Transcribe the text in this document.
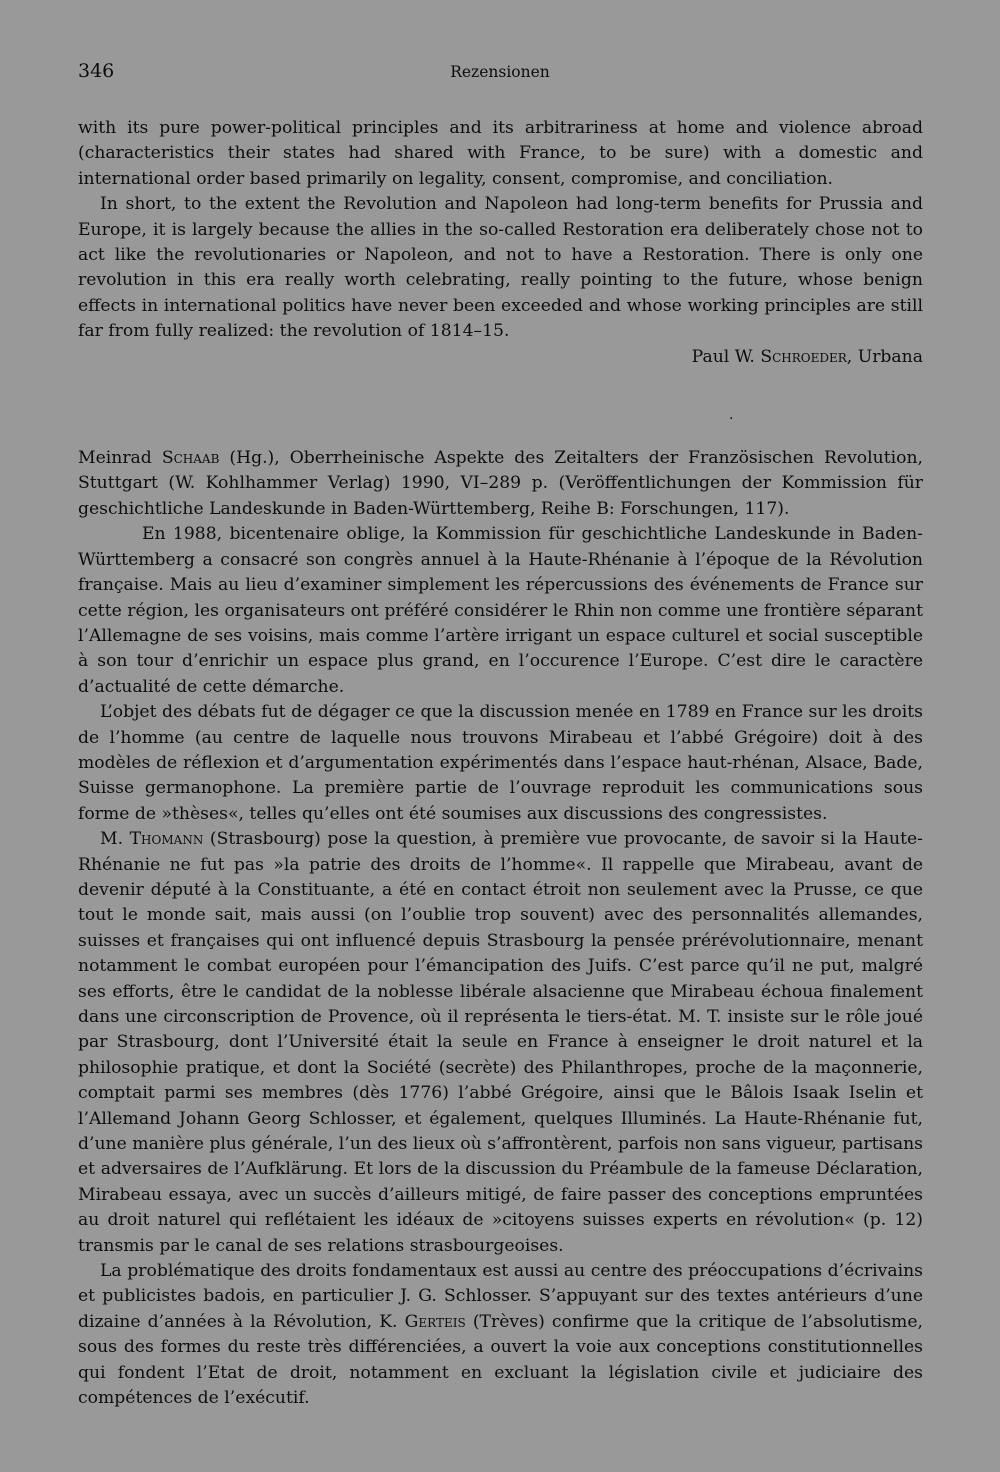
346	Rezensionen

with its pure power-political principles and its arbitrariness at home and violence abroad (characteristics their states had shared with France, to be sure) with a domestic and international order based primarily on legality, consent, compromise, and conciliation.

In short, to the extent the Revolution and Napoleon had long-term benefits for Prussia and Europe, it is largely because the allies in the so-called Restoration era deliberately chose not to act like the revolutionaries or Napoleon, and not to have a Restoration. There is only one revolution in this era really worth celebrating, really pointing to the future, whose benign effects in international politics have never been exceeded and whose working principles are still far from fully realized: the revolution of 1814–15.

Paul W. Schroeder, Urbana

.

Meinrad Schaab (Hg.), Oberrheinische Aspekte des Zeitalters der Französischen Revolution, Stuttgart (W. Kohlhammer Verlag) 1990, VI–289 p. (Veröffentlichungen der Kommission für geschichtliche Landeskunde in Baden-Württemberg, Reihe B: Forschungen, 117).

En 1988, bicentenaire oblige, la Kommission für geschichtliche Landeskunde in Baden-Württemberg a consacré son congrès annuel à la Haute-Rhénanie à l’époque de la Révolution française. Mais au lieu d’examiner simplement les répercussions des événements de France sur cette région, les organisateurs ont préféré considérer le Rhin non comme une frontière séparant l’Allemagne de ses voisins, mais comme l’artère irrigant un espace culturel et social susceptible à son tour d’enrichir un espace plus grand, en l’occurence l’Europe. C’est dire le caractère d’actualité de cette démarche.

L’objet des débats fut de dégager ce que la discussion menée en 1789 en France sur les droits de l’homme (au centre de laquelle nous trouvons Mirabeau et l’abbé Grégoire) doit à des modèles de réflexion et d’argumentation expérimentés dans l’espace haut-rhénan, Alsace, Bade, Suisse germanophone. La première partie de l’ouvrage reproduit les communications sous forme de »thèses«, telles qu’elles ont été soumises aux discussions des congressistes.

M. Thomann (Strasbourg) pose la question, à première vue provocante, de savoir si la Haute-Rhénanie ne fut pas »la patrie des droits de l’homme«. Il rappelle que Mirabeau, avant de devenir député à la Constituante, a été en contact étroit non seulement avec la Prusse, ce que tout le monde sait, mais aussi (on l’oublie trop souvent) avec des personnalités allemandes, suisses et françaises qui ont influencé depuis Strasbourg la pensée prérévolutionnaire, menant notamment le combat européen pour l’émancipation des Juifs. C’est parce qu’il ne put, malgré ses efforts, être le candidat de la noblesse libérale alsacienne que Mirabeau échoua finalement dans une circonscription de Provence, où il représenta le tiers-état. M. T. insiste sur le rôle joué par Strasbourg, dont l’Université était la seule en France à enseigner le droit naturel et la philosophie pratique, et dont la Société (secrète) des Philanthropes, proche de la maçonnerie, comptait parmi ses membres (dès 1776) l’abbé Grégoire, ainsi que le Bâlois Isaak Iselin et l’Allemand Johann Georg Schlosser, et également, quelques Illuminés. La Haute-Rhénanie fut, d’une manière plus générale, l’un des lieux où s’affrontèrent, parfois non sans vigueur, partisans et adversaires de l’Aufklärung. Et lors de la discussion du Préambule de la fameuse Déclaration, Mirabeau essaya, avec un succès d’ailleurs mitigé, de faire passer des conceptions empruntées au droit naturel qui reflétaient les idéaux de »citoyens suisses experts en révolution« (p. 12) transmis par le canal de ses relations strasbourgeoises.

La problématique des droits fondamentaux est aussi au centre des préoccupations d’écrivains et publicistes badois, en particulier J. G. Schlosser. S’appuyant sur des textes antérieurs d’une dizaine d’années à la Révolution, K. Gerteis (Trèves) confirme que la critique de l’absolutisme, sous des formes du reste très différenciées, a ouvert la voie aux conceptions constitutionnelles qui fondent l’Etat de droit, notamment en excluant la législation civile et judiciaire des compétences de l’exécutif.
